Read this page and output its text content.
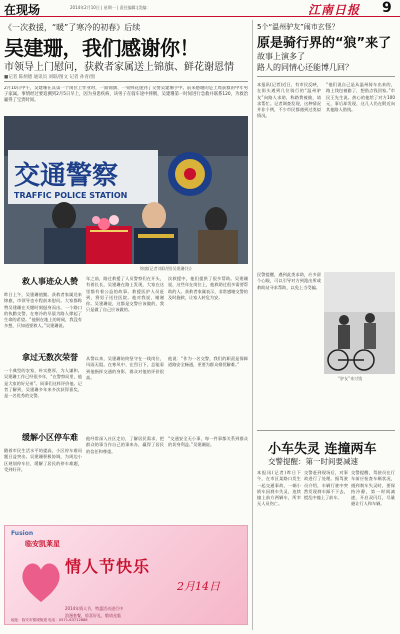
在现场	2014年2月10日 | 星期一 | 责任编辑:|美编:	江南日报 9
《一次救援，“暖”了寒冷的初春》后续
吴建珊，我们感谢你！
市领导上门慰问，获救者家属送上锦旗、鲜花谢恩情
■记者 陈炳德 通讯员 刘联/图文 记者 孙青/图
2月10日中午，吴建珊在其第一个岗位上作业时，一面锦旗、一束鲜花递到了交警吴建珊手中。前来感谢的是上周获救的中年男子家属。事情经过要追溯到2月5日早上，因为身患疾病，该男子在骑车途中摔倒，吴建珊第一时间进行急救并联系120，为救治赢得了宝贵时间。
交通警察
TRAFFIC POLICE STATION
锦旗(记者刘联/图)吴建珊(右)
救人事迹众人赞
昨日上午，吴建珊值勤。获救者家属送来锦旗，市领导也专程前来慰问。大家都称赞吴建珊在关键时刻挺身而出。一个路口的执勤交警，在寒冷的早晨为路人撑起了生命的希望。“他倒在地上的时候，我没有多想，只知道要救人。”吴建珊说。
年之前，路过救援了人员警察们在开头，有着长长，吴建珊在路上发现，大家在这里都有着公益的故事。救援医护人员赶到，将男子送往医院。他对我说，谢谢你。吴建珊说，这都是交警应该做的，我只是做了自己应该做的。
次救援中，他们提供了很多帮助。吴建珊说，这些年在岗位上，他救助过很多需要帮助的人。获救者家属表示，非常感谢交警的及时施救，让家人转危为安。
拿过无数次荣誉
一个典型的农家，朴实憨厚，为人谦和。吴建珊工作已经很多年，“在警察局里，他是大家的好兄弟”。同事们这样评价他。记者了解到，吴建珊多年来多次获得嘉奖，是一名优秀的交警。
从警以来，吴建珊始终坚守在一线岗位，风雨无阻。在寒风中、在烈日下，总能看到他指挥交通的身影，群众对他的评价很高。
他说：“作为一名交警，我们的职责是保障道路安全畅通，更要为群众排忧解难。”
缓解小区停车难
随着市民生活水平的提高，小区停车难问题日益突出。吴建珊积极协调，为周边小区规划停车位，缓解了居民的停车难题，受到好评。
他经常深入社区走访，了解居民需求，把群众的事当作自己的事来办，赢得了居民的信任和尊重。
“交通安全无小事，每一件事都关系到群众的切身利益。”吴建珊说。
Fusion
临安凯莱星
情人节快乐
2月14日
2014年情人节，特惠活动进行中
浪漫套餐，惊喜好礼，敬请光临
地址：临安市锦城街道 电话：0571-63712888
5个“温州驴友”闹市玄怪？
原是骑行界的“狼”来了
故事上演多了
路人的同情心还能博几回？
本报讯(记者)近日，有市民反映，在街头遇到几位骑行的“温州驴友”向路人求助，称路费被偷，请求帮忙。记者调查发现，这种情况并非个例，不少市民都遇到过类似情况。
“他们说自己是从温州骑车出来的，路上钱包被偷了，想借点钱回家。”市民王先生说。热心的他给了对方100元，事后却发现，这几人仍在附近向其他路人借钱。
民警提醒，遇到此类求助，应多留个心眼，可以引导对方到派出所或救助站寻求帮助，以免上当受骗。
“驴友”来讨钱
小车失灵 连撞两车
交警提醒：第一时间要减速
本报讯(记者)昨日下午，在市区某路口发生一起交通事故，一辆小轿车因刹车失灵，连续撞上前方两辆车，所幸无人员伤亡。
交警赶到现场后，对事故进行了处理。据驾驶员介绍，车辆行驶中突然发现刹车踩不下去，慌乱中撞上了前车。
交警提醒，驾驶员在行车前应检查车辆状况，遇到刹车失灵时，要保持冷静，第一时间减速，开启双闪灯，尽量避让行人和车辆。
